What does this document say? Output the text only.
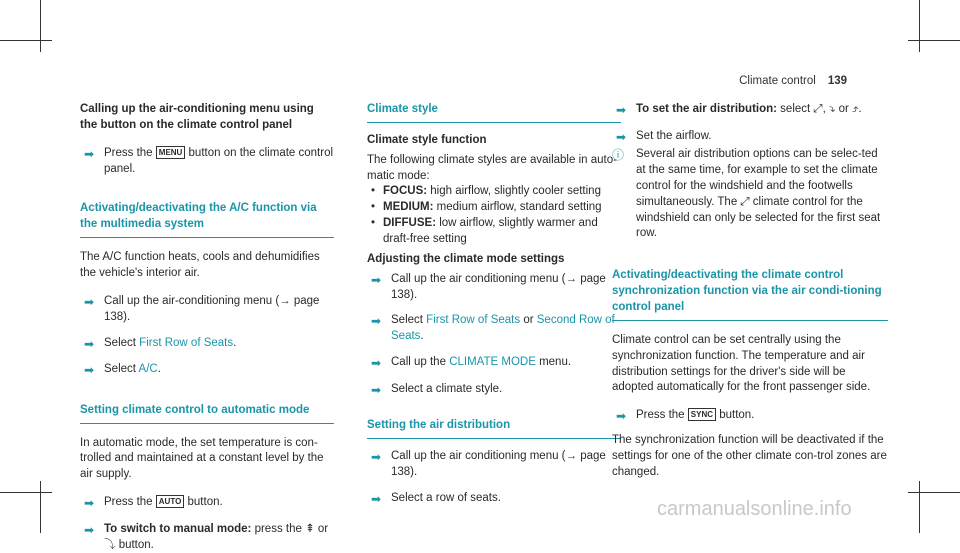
Climate control 139
Calling up the air-conditioning menu using the button on the climate control panel
➡ Press the MENU button on the climate control panel.
Activating/deactivating the A/C function via the multimedia system
The A/C function heats, cools and dehumidifies the vehicle's interior air.
➡ Call up the air-conditioning menu (→ page 138).
➡ Select First Row of Seats.
➡ Select A/C.
Setting climate control to automatic mode
In automatic mode, the set temperature is con-trolled and maintained at a constant level by the air supply.
➡ Press the AUTO button.
➡ To switch to manual mode: press the ⇞ or ⤵ button.
Climate style
Climate style function
The following climate styles are available in auto-matic mode:
• FOCUS: high airflow, slightly cooler setting
• MEDIUM: medium airflow, standard setting
• DIFFUSE: low airflow, slightly warmer and draft-free setting
Adjusting the climate mode settings
➡ Call up the air conditioning menu (→ page 138).
➡ Select First Row of Seats or Second Row of Seats.
➡ Call up the CLIMATE MODE menu.
➡ Select a climate style.
Setting the air distribution
➡ Call up the air conditioning menu (→ page 138).
➡ Select a row of seats.
➡ To set the air distribution: select ⤢, ⤵ or ⤴.
➡ Set the airflow.
ⓘ	Several air distribution options can be selec-ted at the same time, for example to set the climate control for the windshield and the footwells simultaneously. The ⤢ climate control for the windshield can only be selected for the first seat row.
Activating/deactivating the climate control synchronization function via the air condi-tioning control panel
Climate control can be set centrally using the synchronization function. The temperature and air distribution settings for the driver's side will be adopted automatically for the front passenger side.
➡ Press the SYNC button.
The synchronization function will be deactivated if the settings for one of the other climate con-trol zones are changed.
carmanualsonline.info
